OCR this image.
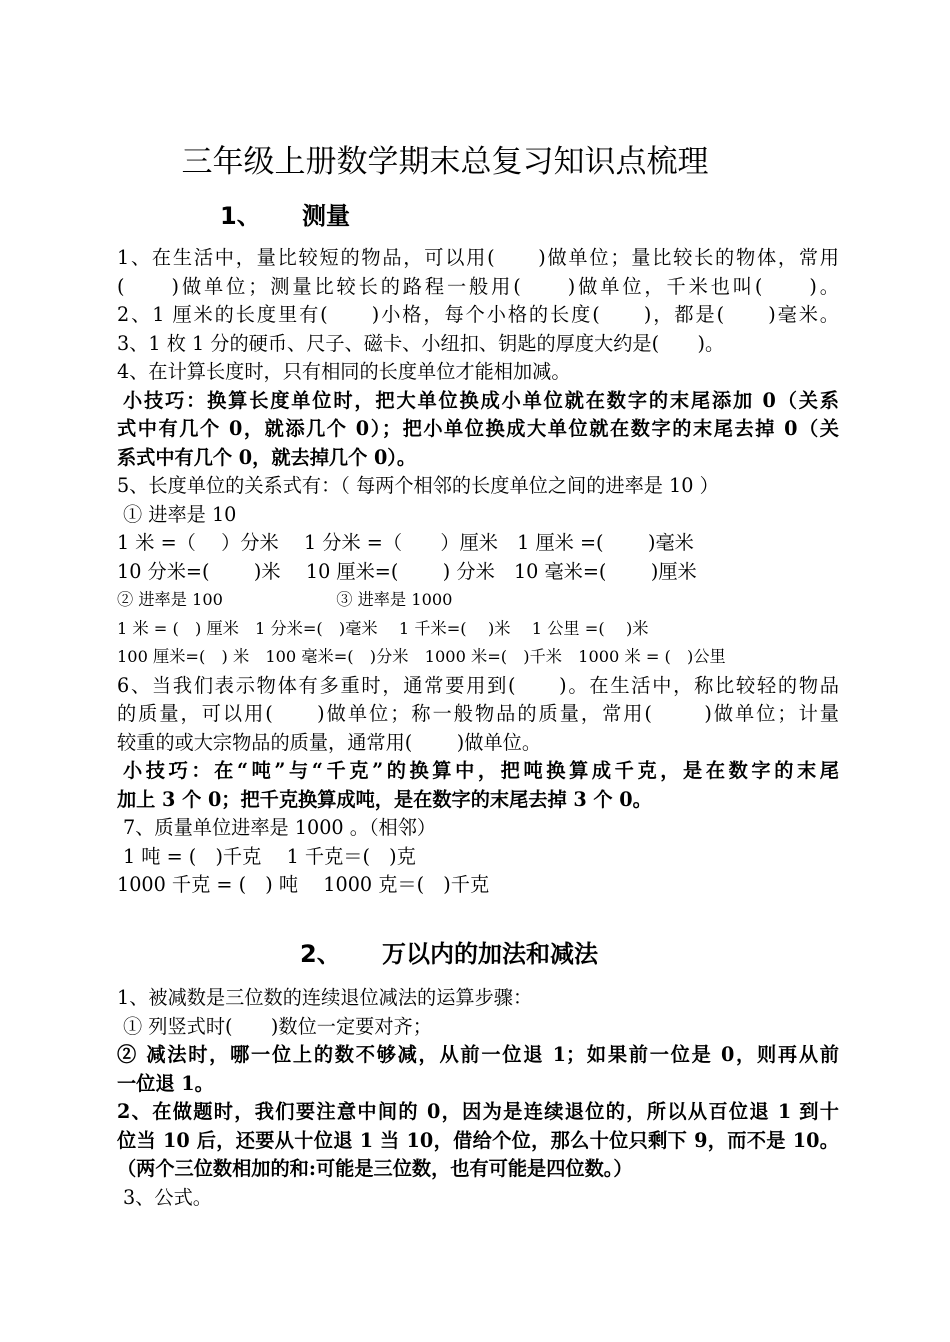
三年级上册数学期末总复习知识点梳理
1、 测量
1、在生活中，量比较短的物品，可以用(　　)做单位；量比较长的物体，常用
(　　)做单位；测量比较长的路程一般用(　　)做单位，千米也叫(　　)。
2、1 厘米的长度里有(　　)小格，每个小格的长度(　　)，都是(　　)毫米。
3、1 枚 1 分的硬币、尺子、磁卡、小纽扣、钥匙的厚度大约是(　　)。
4、在计算长度时，只有相同的长度单位才能相加减。
小技巧：换算长度单位时，把大单位换成小单位就在数字的末尾添加 0（关系
式中有几个 0，就添几个 0）；把小单位换成大单位就在数字的末尾去掉 0（关
系式中有几个 0，就去掉几个 0）。
5、长度单位的关系式有：（ 每两个相邻的长度单位之间的进率是 10 ）
① 进率是 10
1 米 =（　 ）分米　 1 分米 =（　　）厘米　1 厘米 =(　　 )毫米
10 分米=(　　 )米　 10 厘米=(　　 ) 分米　10 毫米=(　　 )厘米
② 进率是 100　　　　　　　③ 进率是 1000
1 米 = (　) 厘米　1 分米=(　)毫米　 1 千米=(　 )米　 1 公里 =(　 )米
100 厘米=(　) 米　100 毫米=(　)分米　1000 米=(　)千米　1000 米 = (　)公里
6、当我们表示物体有多重时，通常要用到(　　)。在生活中，称比较轻的物品
的质量，可以用(　　)做单位；称一般物品的质量，常用(　　 )做单位；计量
较重的或大宗物品的质量，通常用(　　 )做单位。
小技巧：在“吨”与“千克”的换算中，把吨换算成千克，是在数字的末尾
加上 3 个 0；把千克换算成吨，是在数字的末尾去掉 3 个 0。
7、质量单位进率是 1000 。（相邻）
1 吨 = (　)千克　 1 千克＝(　)克
1000 千克 = (　) 吨　 1000 克＝(　)千克
2、 万以内的加法和减法
1、被减数是三位数的连续退位减法的运算步骤：
① 列竖式时(　　)数位一定要对齐；
② 减法时，哪一位上的数不够减，从前一位退 1；如果前一位是 0，则再从前
一位退 1。
2、在做题时，我们要注意中间的 0，因为是连续退位的，所以从百位退 1 到十
位当 10 后，还要从十位退 1 当 10，借给个位，那么十位只剩下 9，而不是 10。
（两个三位数相加的和:可能是三位数，也有可能是四位数。）
3、公式。
